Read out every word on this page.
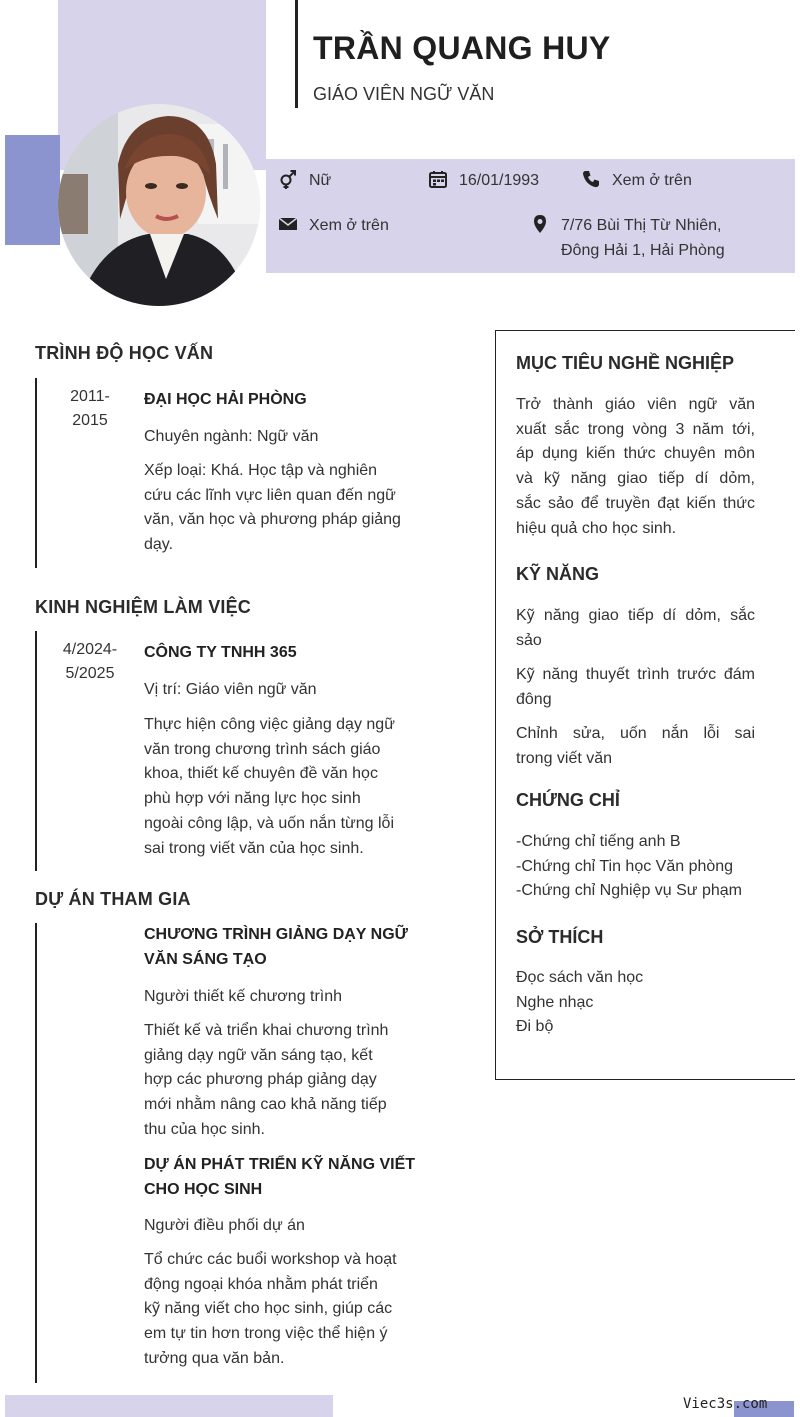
TRẦN QUANG HUY
GIÁO VIÊN NGỮ VĂN
Nữ	16/01/1993	Xem ở trên
Xem ở trên	7/76 Bùi Thị Từ Nhiên,
Đông Hải 1, Hải Phòng
TRÌNH ĐỘ HỌC VẤN
2011-
2015
ĐẠI HỌC HẢI PHÒNG
Chuyên ngành: Ngữ văn
Xếp loại: Khá. Học tập và nghiên
cứu các lĩnh vực liên quan đến ngữ
văn, văn học và phương pháp giảng
dạy.
KINH NGHIỆM LÀM VIỆC
4/2024-
5/2025
CÔNG TY TNHH 365
Vị trí: Giáo viên ngữ văn
Thực hiện công việc giảng dạy ngữ
văn trong chương trình sách giáo
khoa, thiết kế chuyên đề văn học
phù hợp với năng lực học sinh
ngoài công lập, và uốn nắn từng lỗi
sai trong viết văn của học sinh.
DỰ ÁN THAM GIA
CHƯƠNG TRÌNH GIẢNG DẠY NGỮ
VĂN SÁNG TẠO
Người thiết kế chương trình
Thiết kế và triển khai chương trình
giảng dạy ngữ văn sáng tạo, kết
hợp các phương pháp giảng dạy
mới nhằm nâng cao khả năng tiếp
thu của học sinh.
DỰ ÁN PHÁT TRIỂN KỸ NĂNG VIẾT
CHO HỌC SINH
Người điều phối dự án
Tổ chức các buổi workshop và hoạt
động ngoại khóa nhằm phát triển
kỹ năng viết cho học sinh, giúp các
em tự tin hơn trong việc thể hiện ý
tưởng qua văn bản.
MỤC TIÊU NGHỀ NGHIỆP
Trở thành giáo viên ngữ văn
xuất sắc trong vòng 3 năm tới,
áp dụng kiến thức chuyên môn
và kỹ năng giao tiếp dí dỏm,
sắc sảo để truyền đạt kiến thức
hiệu quả cho học sinh.
KỸ NĂNG
Kỹ năng giao tiếp dí dỏm, sắc
sảo
Kỹ năng thuyết trình trước đám
đông
Chỉnh sửa, uốn nắn lỗi sai
trong viết văn
CHỨNG CHỈ
-Chứng chỉ tiếng anh B
-Chứng chỉ Tin học Văn phòng
-Chứng chỉ Nghiệp vụ Sư phạm
SỞ THÍCH
Đọc sách văn học
Nghe nhạc
Đi bộ
Viec3s.com
